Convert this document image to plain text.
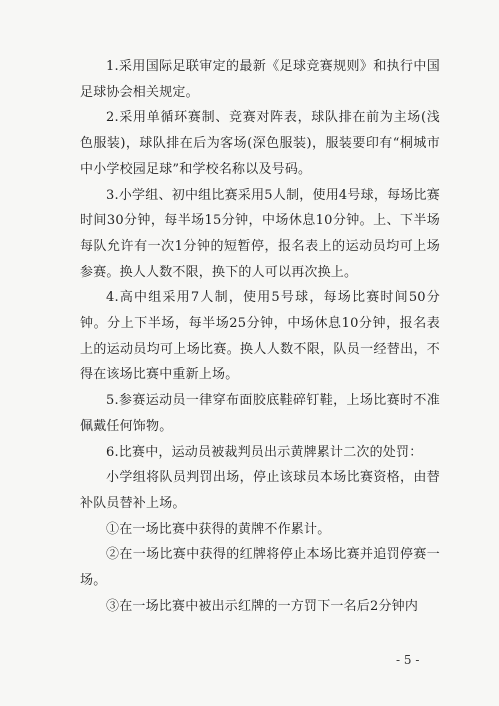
1.采用国际足联审定的最新《足球竞赛规则》和执行中国足球协会相关规定。

2.采用单循环赛制、竞赛对阵表，球队排在前为主场(浅色服装)，球队排在后为客场(深色服装)，服装要印有“桐城市中小学校园足球”和学校名称以及号码。

3.小学组、初中组比赛采用5人制，使用4号球，每场比赛时间30分钟，每半场15分钟，中场休息10分钟。上、下半场每队允许有一次1分钟的短暂停，报名表上的运动员均可上场参赛。换人人数不限，换下的人可以再次换上。

4.高中组采用7人制，使用5号球，每场比赛时间50分钟。分上下半场，每半场25分钟，中场休息10分钟，报名表上的运动员均可上场比赛。换人人数不限，队员一经替出，不得在该场比赛中重新上场。

5.参赛运动员一律穿布面胶底鞋碎钉鞋，上场比赛时不准佩戴任何饰物。

6.比赛中，运动员被裁判员出示黄牌累计二次的处罚：

小学组将队员判罚出场，停止该球员本场比赛资格，由替补队员替补上场。

①在一场比赛中获得的黄牌不作累计。

②在一场比赛中获得的红牌将停止本场比赛并追罚停赛一场。

③在一场比赛中被出示红牌的一方罚下一名后2分钟内

- 5 -
